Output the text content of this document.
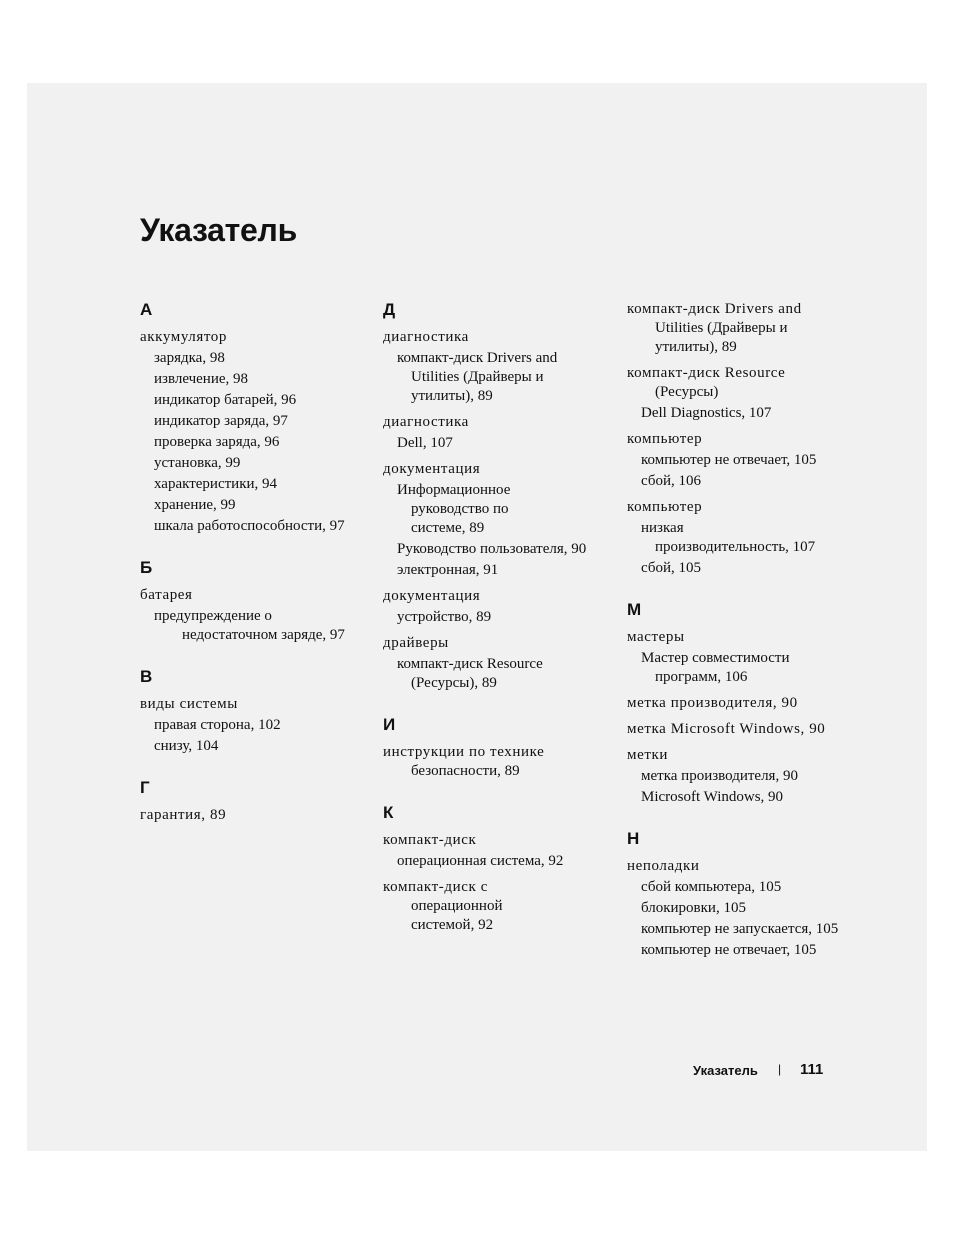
Указатель
А
аккумулятор
зарядка, 98
извлечение, 98
индикатор батарей, 96
индикатор заряда, 97
проверка заряда, 96
установка, 99
характеристики, 94
хранение, 99
шкала работоспособности, 97
Б
батарея
предупреждение о
недостаточном заряде, 97
В
виды системы
правая сторона, 102
снизу, 104
Г
гарантия, 89
Д
диагностика
компакт-диск Drivers and
Utilities (Драйверы и
утилиты), 89
диагностика
Dell, 107
документация
Информационное
руководство по
системе, 89
Руководство пользователя, 90
электронная, 91
документация
устройство, 89
драйверы
компакт-диск Resource
(Ресурсы), 89
И
инструкции по технике
безопасности, 89
К
компакт-диск
операционная система, 92
компакт-диск с
операционной
системой, 92
компакт-диск Drivers and
Utilities (Драйверы и
утилиты), 89
компакт-диск Resource
(Ресурсы)
Dell Diagnostics, 107
компьютер
компьютер не отвечает, 105
сбой, 106
компьютер
низкая
производительность, 107
сбой, 105
М
мастеры
Мастер совместимости
программ, 106
метка производителя, 90
метка Microsoft Windows, 90
метки
метка производителя, 90
Microsoft Windows, 90
Н
неполадки
сбой компьютера, 105
блокировки, 105
компьютер не запускается, 105
компьютер не отвечает, 105
Указатель | 111
